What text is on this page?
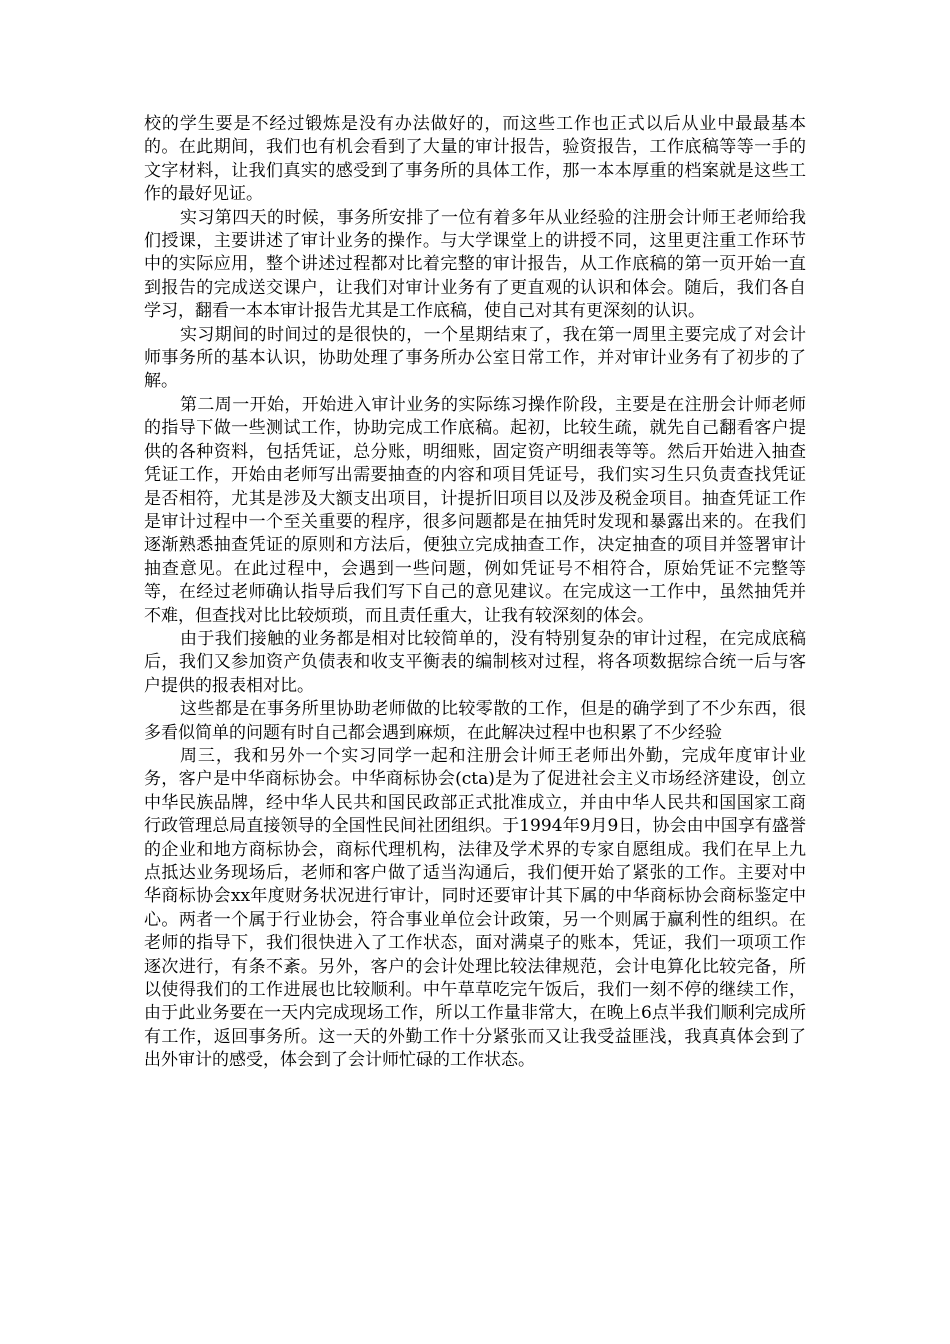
校的学生要是不经过锻炼是没有办法做好的，而这些工作也正式以后从业中最最基本的。在此期间，我们也有机会看到了大量的审计报告，验资报告，工作底稿等等一手的文字材料，让我们真实的感受到了事务所的具体工作，那一本本厚重的档案就是这些工作的最好见证。

实习第四天的时候，事务所安排了一位有着多年从业经验的注册会计师王老师给我们授课，主要讲述了审计业务的操作。与大学课堂上的讲授不同，这里更注重工作环节中的实际应用，整个讲述过程都对比着完整的审计报告，从工作底稿的第一页开始一直到报告的完成送交课户，让我们对审计业务有了更直观的认识和体会。随后，我们各自学习，翻看一本本审计报告尤其是工作底稿，使自己对其有更深刻的认识。

实习期间的时间过的是很快的，一个星期结束了，我在第一周里主要完成了对会计师事务所的基本认识，协助处理了事务所办公室日常工作，并对审计业务有了初步的了解。

第二周一开始，开始进入审计业务的实际练习操作阶段，主要是在注册会计师老师的指导下做一些测试工作，协助完成工作底稿。起初，比较生疏，就先自己翻看客户提供的各种资料，包括凭证，总分账，明细账，固定资产明细表等等。然后开始进入抽查凭证工作，开始由老师写出需要抽查的内容和项目凭证号，我们实习生只负责查找凭证是否相符，尤其是涉及大额支出项目，计提折旧项目以及涉及税金项目。抽查凭证工作是审计过程中一个至关重要的程序，很多问题都是在抽凭时发现和暴露出来的。在我们逐渐熟悉抽查凭证的原则和方法后，便独立完成抽查工作，决定抽查的项目并签署审计抽查意见。在此过程中，会遇到一些问题，例如凭证号不相符合，原始凭证不完整等等，在经过老师确认指导后我们写下自己的意见建议。在完成这一工作中，虽然抽凭并不难，但查找对比比较烦琐，而且责任重大，让我有较深刻的体会。

由于我们接触的业务都是相对比较简单的，没有特别复杂的审计过程，在完成底稿后，我们又参加资产负债表和收支平衡表的编制核对过程，将各项数据综合统一后与客户提供的报表相对比。

这些都是在事务所里协助老师做的比较零散的工作，但是的确学到了不少东西，很多看似简单的问题有时自己都会遇到麻烦，在此解决过程中也积累了不少经验

周三，我和另外一个实习同学一起和注册会计师王老师出外勤，完成年度审计业务，客户是中华商标协会。中华商标协会(cta)是为了促进社会主义市场经济建设，创立中华民族品牌，经中华人民共和国民政部正式批准成立，并由中华人民共和国国家工商行政管理总局直接领导的全国性民间社团组织。于1994年9月9日，协会由中国享有盛誉的企业和地方商标协会，商标代理机构，法律及学术界的专家自愿组成。我们在早上九点抵达业务现场后，老师和客户做了适当沟通后，我们便开始了紧张的工作。主要对中华商标协会xx年度财务状况进行审计，同时还要审计其下属的中华商标协会商标鉴定中心。两者一个属于行业协会，符合事业单位会计政策，另一个则属于赢利性的组织。在老师的指导下，我们很快进入了工作状态，面对满桌子的账本，凭证，我们一项项工作逐次进行，有条不紊。另外，客户的会计处理比较法律规范，会计电算化比较完备，所以使得我们的工作进展也比较顺利。中午草草吃完午饭后，我们一刻不停的继续工作，由于此业务要在一天内完成现场工作，所以工作量非常大，在晚上6点半我们顺利完成所有工作，返回事务所。这一天的外勤工作十分紧张而又让我受益匪浅，我真真体会到了出外审计的感受，体会到了会计师忙碌的工作状态。
